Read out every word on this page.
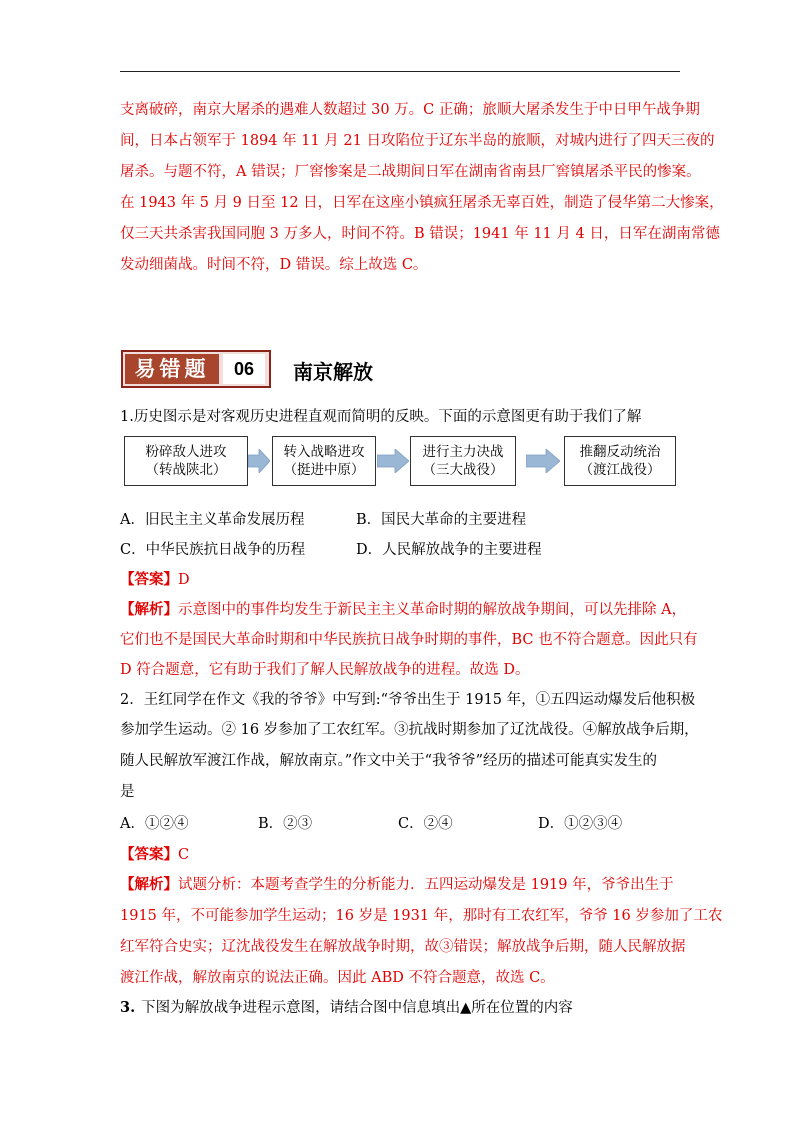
支离破碎，南京大屠杀的遇难人数超过 30 万。C 正确；旅顺大屠杀发生于中日甲午战争期
间，日本占领军于 1894 年 11 月 21 日攻陷位于辽东半岛的旅顺，对城内进行了四天三夜的
屠杀。与题不符，A 错误；厂窖惨案是二战期间日军在湖南省南县厂窖镇屠杀平民的惨案。
在 1943 年 5 月 9 日至 12 日，日军在这座小镇疯狂屠杀无辜百姓，制造了侵华第二大惨案，
仅三天共杀害我国同胞 3 万多人，时间不符。B 错误；1941 年 11 月 4 日，日军在湖南常德
发动细菌战。时间不符，D 错误。综上故选 C。
易错题	06	南京解放
1.历史图示是对客观历史进程直观而简明的反映。下面的示意图更有助于我们了解
粉碎敌人进攻
（转战陕北）
转入战略进攻
（挺进中原）
进行主力决战
（三大战役）
推翻反动统治
（渡江战役）
A．旧民主主义革命发展历程	B．国民大革命的主要进程
C．中华民族抗日战争的历程	D．人民解放战争的主要进程
【答案】D
【解析】示意图中的事件均发生于新民主主义革命时期的解放战争期间，可以先排除 A，
它们也不是国民大革命时期和中华民族抗日战争时期的事件，BC 也不符合题意。因此只有
D 符合题意，它有助于我们了解人民解放战争的进程。故选 D。
2．王红同学在作文《我的爷爷》中写到:“爷爷出生于 1915 年，①五四运动爆发后他积极
参加学生运动。② 16 岁参加了工农红军。③抗战时期参加了辽沈战役。④解放战争后期，
随人民解放军渡江作战，解放南京。”作文中关于“我爷爷”经历的描述可能真实发生的
是
A．①②④	B．②③	C．②④	D．①②③④
【答案】C
【解析】试题分析：本题考查学生的分析能力．五四运动爆发是 1919 年，爷爷出生于
1915 年，不可能参加学生运动；16 岁是 1931 年，那时有工农红军，爷爷 16 岁参加了工农
红军符合史实；辽沈战役发生在解放战争时期，故③错误；解放战争后期，随人民解放据
渡江作战，解放南京的说法正确。因此 ABD 不符合题意，故选 C。
3. 下图为解放战争进程示意图，请结合图中信息填出▲所在位置的内容
